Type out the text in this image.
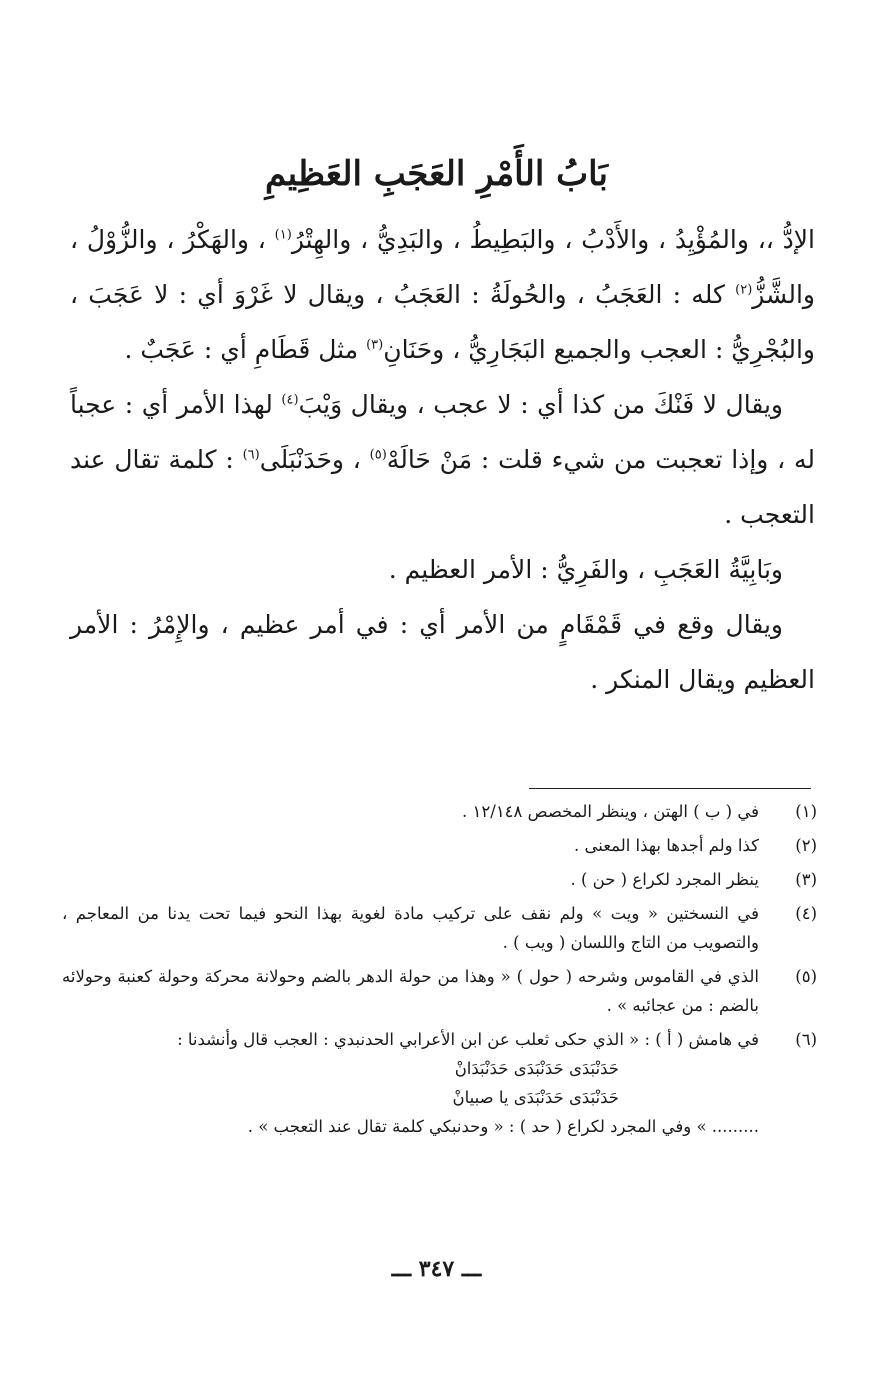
بَابُ الأَمْرِ العَجَبِ العَظِيمِ

الإدُّ ،، والمُؤْيِدُ ، والأَدْبُ ، والبَطِيطُ ، والبَدِيُّ ، والهِتْرُ$^{(١)}$ ، والهَكْرُ ، والزُّوْلُ ، والشَّزُّ$^{(٢)}$ كله : العَجَبُ ، والحُولَةُ : العَجَبُ ، ويقال لا غَرْوَ أي : لا عَجَبَ ، والبُجْرِيُّ : العجب والجميع البَجَارِيُّ ، وحَنَانِ$^{(٣)}$ مثل قَطَامِ أي : عَجَبٌ .

ويقال لا فَنْكَ من كذا أي : لا عجب ، ويقال وَيْبَ$^{(٤)}$ لهذا الأمر أي : عجباً له ، وإذا تعجبت من شيء قلت : مَنْ حَالَهْ$^{(٥)}$ ، وحَدَنْبَلَى$^{(٦)}$ : كلمة تقال عند التعجب .

وبَابِيَّةُ العَجَبِ ، والفَرِيُّ : الأمر العظيم .

ويقال وقع في قَمْقَامٍ من الأمر أي : في أمر عظيم ، والإِمْرُ : الأمر العظيم ويقال المنكر .

(١)
في ( ب ) الهتن ، وينظر المخصص ١٢/١٤٨ .
(٢)
كذا ولم أجدها بهذا المعنى .
(٣)
ينظر المجرد لكراع ( حن ) .
(٤)
في النسختين « ويت » ولم نقف على تركيب مادة لغوية بهذا النحو فيما تحت يدنا من المعاجم ، والتصويب من التاج واللسان ( ويب ) .
(٥)
الذي في القاموس وشرحه ( حول ) « وهذا من حولة الدهر بالضم وحولانة محركة وحولة كعنبة وحولائه بالضم : من عجائبه » .
(٦)
في هامش ( أ ) : « الذي حكى ثعلب عن ابن الأعرابي الحدنبدي : العجب قال وأنشدنا :
حَدَنْبَدَى حَدَنْبَدَى حَدَنْبَدَانْ
حَدَنْبَدَى حَدَنْبَدَى يا صبيانْ
......... » وفي المجرد لكراع ( حد ) : « وحدنبكي كلمة تقال عند التعجب » .
ـــ ٣٤٧ ـــ
